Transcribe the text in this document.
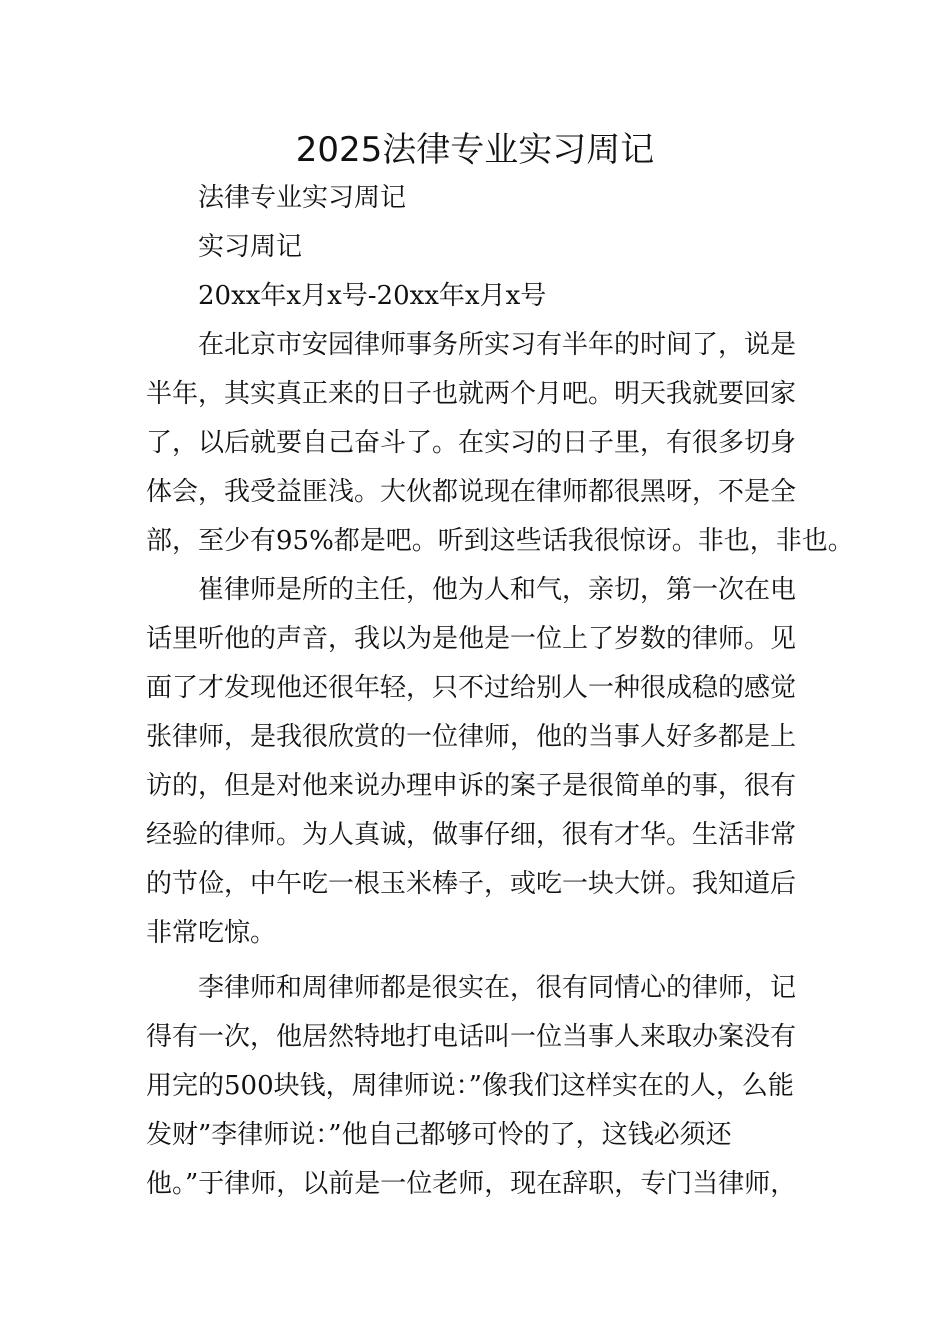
2025法律专业实习周记

法律专业实习周记

实习周记

20xx年x月x号-20xx年x月x号

在北京市安园律师事务所实习有半年的时间了，说是

半年，其实真正来的日子也就两个月吧。明天我就要回家

了，以后就要自己奋斗了。在实习的日子里，有很多切身

体会，我受益匪浅。大伙都说现在律师都很黑呀，不是全

部，至少有95%都是吧。听到这些话我很惊讶。非也，非也。

崔律师是所的主任，他为人和气，亲切，第一次在电

话里听他的声音，我以为是他是一位上了岁数的律师。见

面了才发现他还很年轻，只不过给别人一种很成稳的感觉

张律师，是我很欣赏的一位律师，他的当事人好多都是上

访的，但是对他来说办理申诉的案子是很简单的事，很有

经验的律师。为人真诚，做事仔细，很有才华。生活非常

的节俭，中午吃一根玉米棒子，或吃一块大饼。我知道后

非常吃惊。

李律师和周律师都是很实在，很有同情心的律师，记

得有一次，他居然特地打电话叫一位当事人来取办案没有

用完的500块钱，周律师说：”像我们这样实在的人，么能

发财”李律师说：”他自己都够可怜的了，这钱必须还

他。”于律师，以前是一位老师，现在辞职，专门当律师，
